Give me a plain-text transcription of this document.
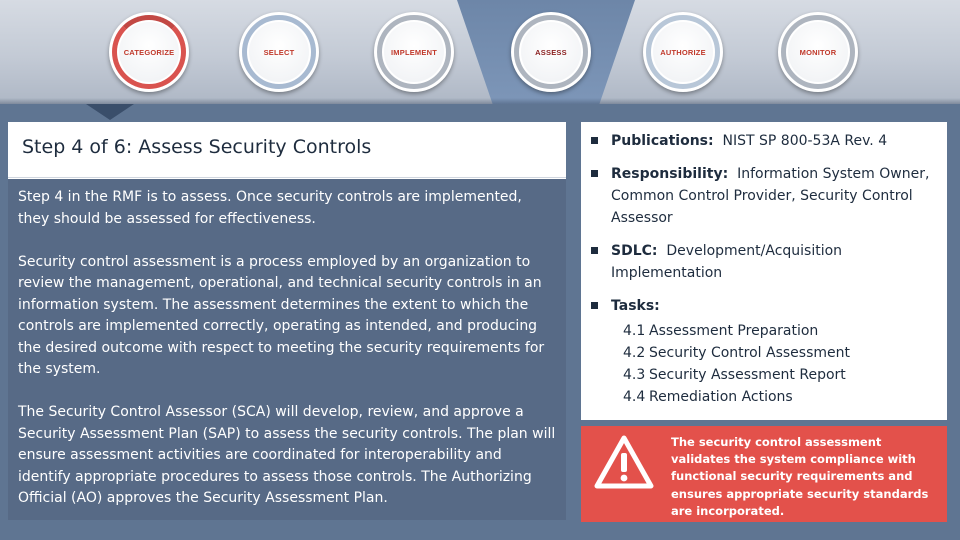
CATEGORIZE	SELECT	IMPLEMENT	ASSESS	AUTHORIZE	MONITOR
Step 4 of 6: Assess Security Controls

Step 4 in the RMF is to assess. Once security controls are implemented, they should be assessed for effectiveness.

Security control assessment is a process employed by an organization to review the management, operational, and technical security controls in an information system. The assessment determines the extent to which the controls are implemented correctly, operating as intended, and producing the desired outcome with respect to meeting the security requirements for the system.

The Security Control Assessor (SCA) will develop, review, and approve a Security Assessment Plan (SAP) to assess the security controls. The plan will ensure assessment activities are coordinated for interoperability and identify appropriate procedures to assess those controls. The Authorizing Official (AO) approves the Security Assessment Plan.

Publications: NIST SP 800-53A Rev. 4
Responsibility: Information System Owner, Common Control Provider, Security Control Assessor
SDLC: Development/Acquisition Implementation
Tasks:
4.1 Assessment Preparation
4.2 Security Control Assessment
4.3 Security Assessment Report
4.4 Remediation Actions
The security control assessment validates the system compliance with functional security requirements and ensures appropriate security standards are incorporated.
